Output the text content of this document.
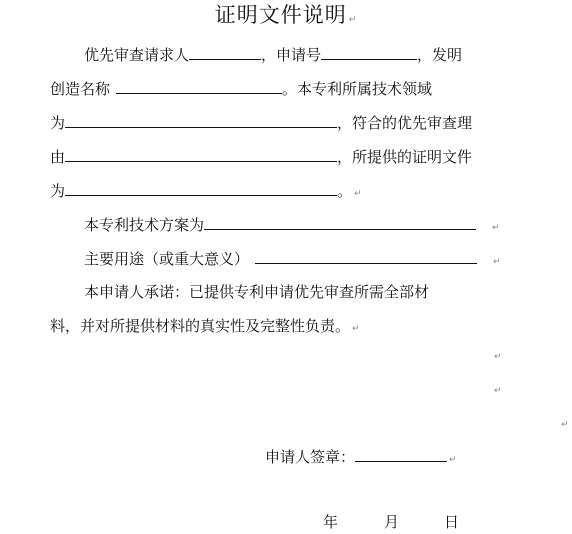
证明文件说明 ↵
优先审查请求人	，申请号	，发明
创造名称	。本专利所属技术领域
为	，符合的优先审查理
由	，所提供的证明文件
为	。 ↵
本专利技术方案为	↵
主要用途（或重大意义）	↵
本申请人承诺：已提供专利申请优先审查所需全部材
料，并对所提供材料的真实性及完整性负责。 ↵
↵
↵
↵
申请人签章：	↵
年	月	日
